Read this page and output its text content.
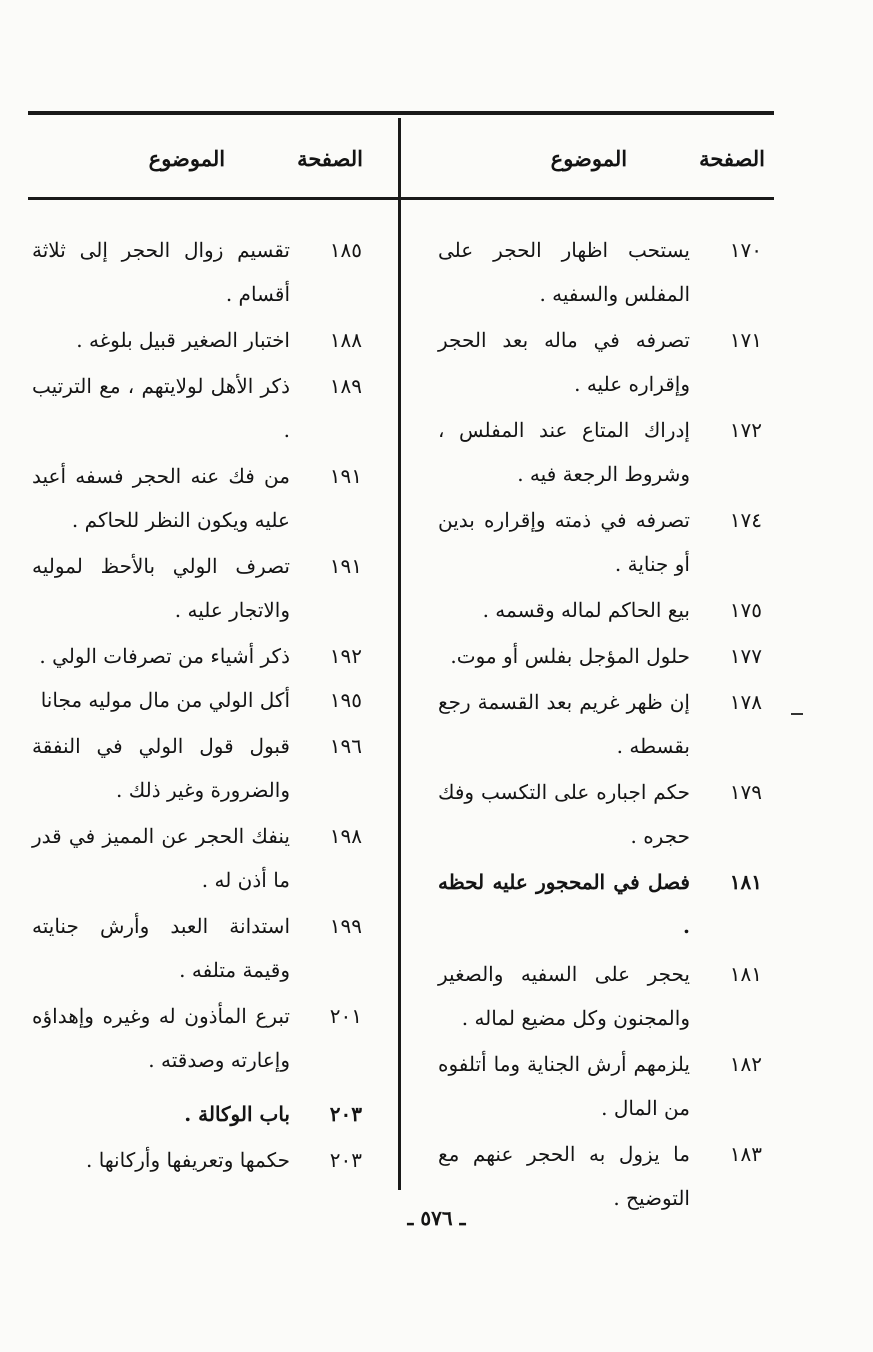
الصفحة
الموضوع
الصفحة
الموضوع
١٧٠
يستحب اظهار الحجر على المفلس والسفيه .
١٧١
تصرفه في ماله بعد الحجر وإقراره عليه .
١٧٢
إدراك المتاع عند المفلس ، وشروط الرجعة فيه .
١٧٤
تصرفه في ذمته وإقراره بدين أو جناية .
١٧٥
بيع الحاكم لماله وقسمه .
١٧٧
حلول المؤجل بفلس أو موت.
١٧٨
إن ظهر غريم بعد القسمة رجع بقسطه .
١٧٩
حكم اجباره على التكسب وفك حجره .
١٨١
فصل في المحجور عليه لحظه .
١٨١
يحجر على السفيه والصغير والمجنون وكل مضيع لماله .
١٨٢
يلزمهم أرش الجناية وما أتلفوه من المال .
١٨٣
ما يزول به الحجر عنهم مع التوضيح .
١٨٥
تقسيم زوال الحجر إلى ثلاثة أقسام .
١٨٨
اختبار الصغير قبيل بلوغه .
١٨٩
ذكر الأهل لولايتهم ، مع الترتيب .
١٩١
من فك عنه الحجر فسفه أعيد عليه ويكون النظر للحاكم .
١٩١
تصرف الولي بالأحظ لموليه والاتجار عليه .
١٩٢
ذكر أشياء من تصرفات الولي .
١٩٥
أكل الولي من مال موليه مجانا
١٩٦
قبول قول الولي في النفقة والضرورة وغير ذلك .
١٩٨
ينفك الحجر عن المميز في قدر ما أذن له .
١٩٩
استدانة العبد وأرش جنايته وقيمة متلفه .
٢٠١
تبرع المأذون له وغيره وإهداؤه وإعارته وصدقته .
٢٠٣
باب الوكالة .
٢٠٣
حكمها وتعريفها وأركانها .
ـ ٥٧٦ ـ
